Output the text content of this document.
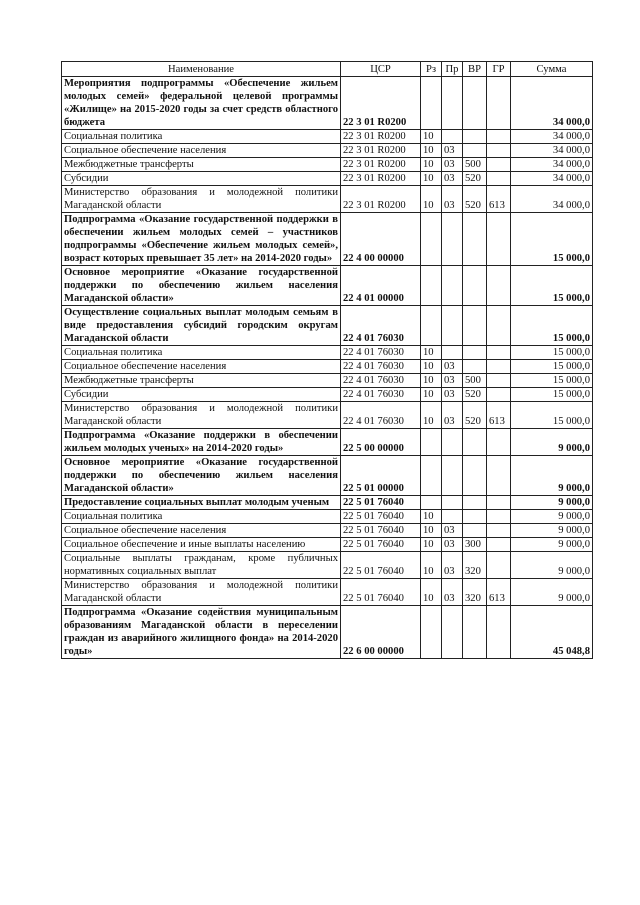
Наименование	ЦСР	Рз	Пр	ВР	ГР	Сумма
Мероприятия подпрограммы «Обеспечение жильем молодых семей» федеральной целевой программы «Жилище» на 2015-2020 годы за счет средств областного бюджета	22 3 01 R0200					34 000,0
Социальная политика	22 3 01 R0200	10				34 000,0
Социальное обеспечение населения	22 3 01 R0200	10	03			34 000,0
Межбюджетные трансферты	22 3 01 R0200	10	03	500		34 000,0
Субсидии	22 3 01 R0200	10	03	520		34 000,0
Министерство образования и молодежной политики Магаданской области	22 3 01 R0200	10	03	520	613	34 000,0
Подпрограмма «Оказание государственной поддержки в обеспечении жильем молодых семей – участников подпрограммы «Обеспечение жильем молодых семей», возраст которых превышает 35 лет» на 2014-2020 годы»	22 4 00 00000					15 000,0
Основное мероприятие «Оказание государственной поддержки по обеспечению жильем населения Магаданской области»	22 4 01 00000					15 000,0
Осуществление социальных выплат молодым семьям в виде предоставления субсидий городским округам Магаданской области	22 4 01 76030					15 000,0
Социальная политика	22 4 01 76030	10				15 000,0
Социальное обеспечение населения	22 4 01 76030	10	03			15 000,0
Межбюджетные трансферты	22 4 01 76030	10	03	500		15 000,0
Субсидии	22 4 01 76030	10	03	520		15 000,0
Министерство образования и молодежной политики Магаданской области	22 4 01 76030	10	03	520	613	15 000,0
Подпрограмма «Оказание поддержки в обеспечении жильем молодых ученых» на 2014-2020 годы»	22 5 00 00000					9 000,0
Основное мероприятие «Оказание государственной поддержки по обеспечению жильем населения Магаданской области»	22 5 01 00000					9 000,0
Предоставление социальных выплат молодым ученым	22 5 01 76040					9 000,0
Социальная политика	22 5 01 76040	10				9 000,0
Социальное обеспечение населения	22 5 01 76040	10	03			9 000,0
Социальное обеспечение и иные выплаты населению	22 5 01 76040	10	03	300		9 000,0
Социальные выплаты гражданам, кроме публичных нормативных социальных выплат	22 5 01 76040	10	03	320		9 000,0
Министерство образования и молодежной политики Магаданской области	22 5 01 76040	10	03	320	613	9 000,0
Подпрограмма «Оказание содействия муниципальным образованиям Магаданской области в переселении граждан из аварийного жилищного фонда» на 2014-2020 годы»	22 6 00 00000					45 048,8
